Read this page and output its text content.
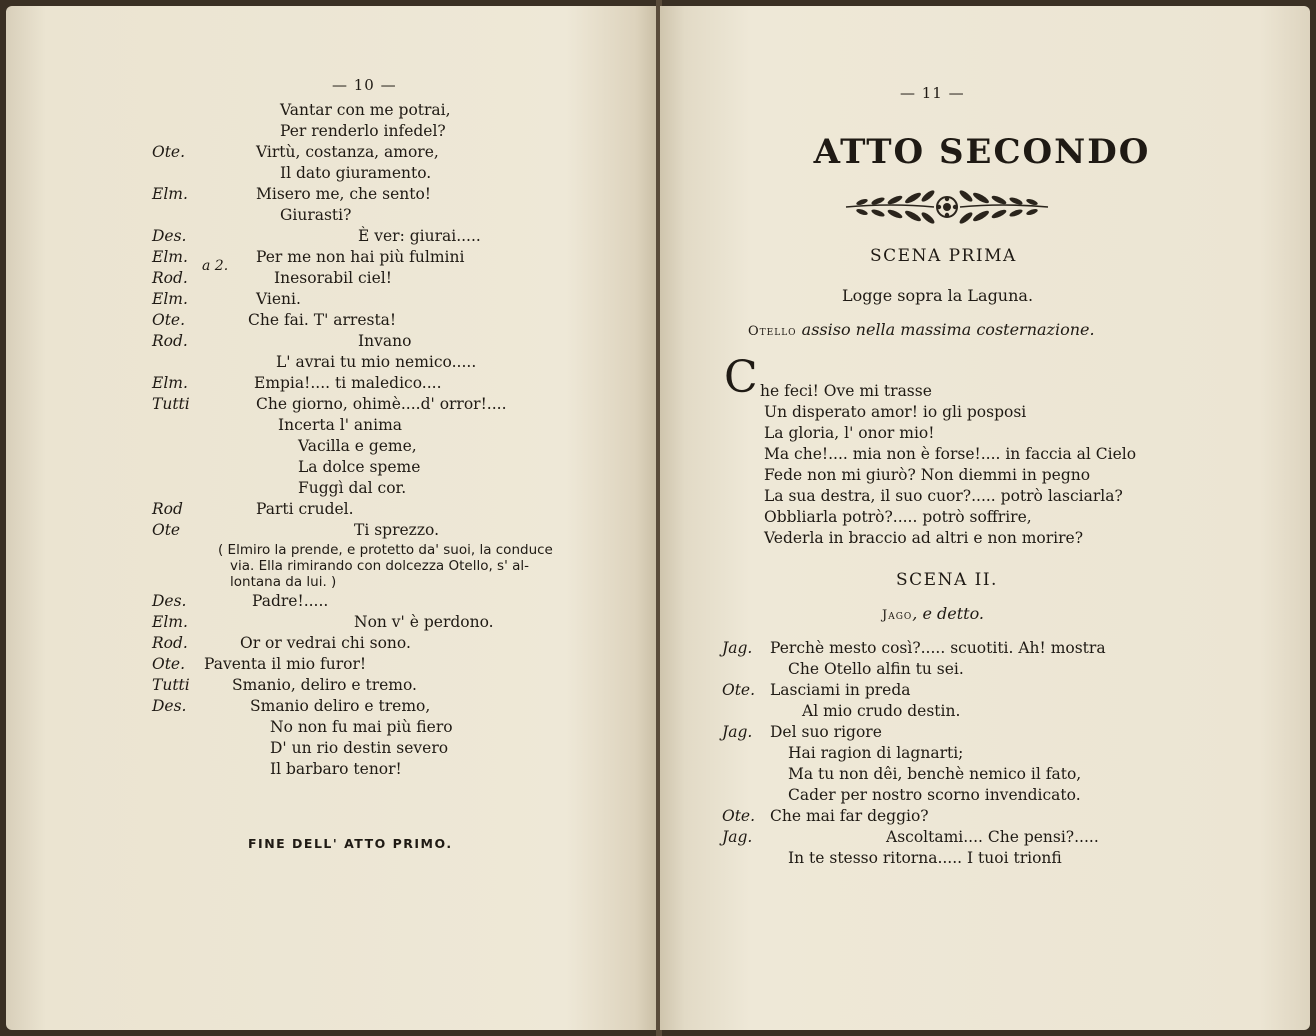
— 10 —
Vantar con me potrai,
Per renderlo infedel?
Ote.	Virtù, costanza, amore,
Il dato giuramento.
Elm.	Misero me, che sento!
Giurasti?
Des.	È ver: giurai.....
Elm. a 2. Per me non hai più fulmini
Rod.	Inesorabil ciel!
Elm.	Vieni.
Ote.	Che fai. T' arresta!
Rod.	Invano
L' avrai tu mio nemico.....
Elm.	Empia!.... ti maledico....
Tutti	Che giorno, ohimè....d' orror!....
Incerta l' anima
Vacilla e geme,
La dolce speme
Fuggì dal cor.
Rod	Parti crudel.
Ote	Ti sprezzo.
( Elmiro la prende, e protetto da' suoi, la conduce
via. Ella rimirando con dolcezza Otello, s' al-
lontana da lui. )
Des.	Padre!.....
Elm.	Non v' è perdono.
Rod.	Or or vedrai chi sono.
Ote. Paventa il mio furor!
Tutti	Smanio, deliro e tremo.
Des.	Smanio deliro e tremo,
No non fu mai più fiero
D' un rio destin severo
Il barbaro tenor!
FINE DELL' ATTO PRIMO.
— 11 —
ATTO SECONDO
SCENA PRIMA
Logge sopra la Laguna.
Otello assiso nella massima costernazione.
C he feci! Ove mi trasse
Un disperato amor! io gli posposi
La gloria, l' onor mio!
Ma che!.... mia non è forse!.... in faccia al Cielo
Fede non mi giurò? Non diemmi in pegno
La sua destra, il suo cuor?..... potrò lasciarla?
Obbliarla potrò?..... potrò soffrire,
Vederla in braccio ad altri e non morire?
SCENA II.
Jago, e detto.
Jag. Perchè mesto così?..... scuotiti. Ah! mostra
Che Otello alfin tu sei.
Ote. Lasciami in preda
Al mio crudo destin.
Jag. Del suo rigore
Hai ragion di lagnarti;
Ma tu non dêi, benchè nemico il fato,
Cader per nostro scorno invendicato.
Ote. Che mai far deggio?
Jag.	Ascoltami.... Che pensi?.....
In te stesso ritorna..... I tuoi trionfi
